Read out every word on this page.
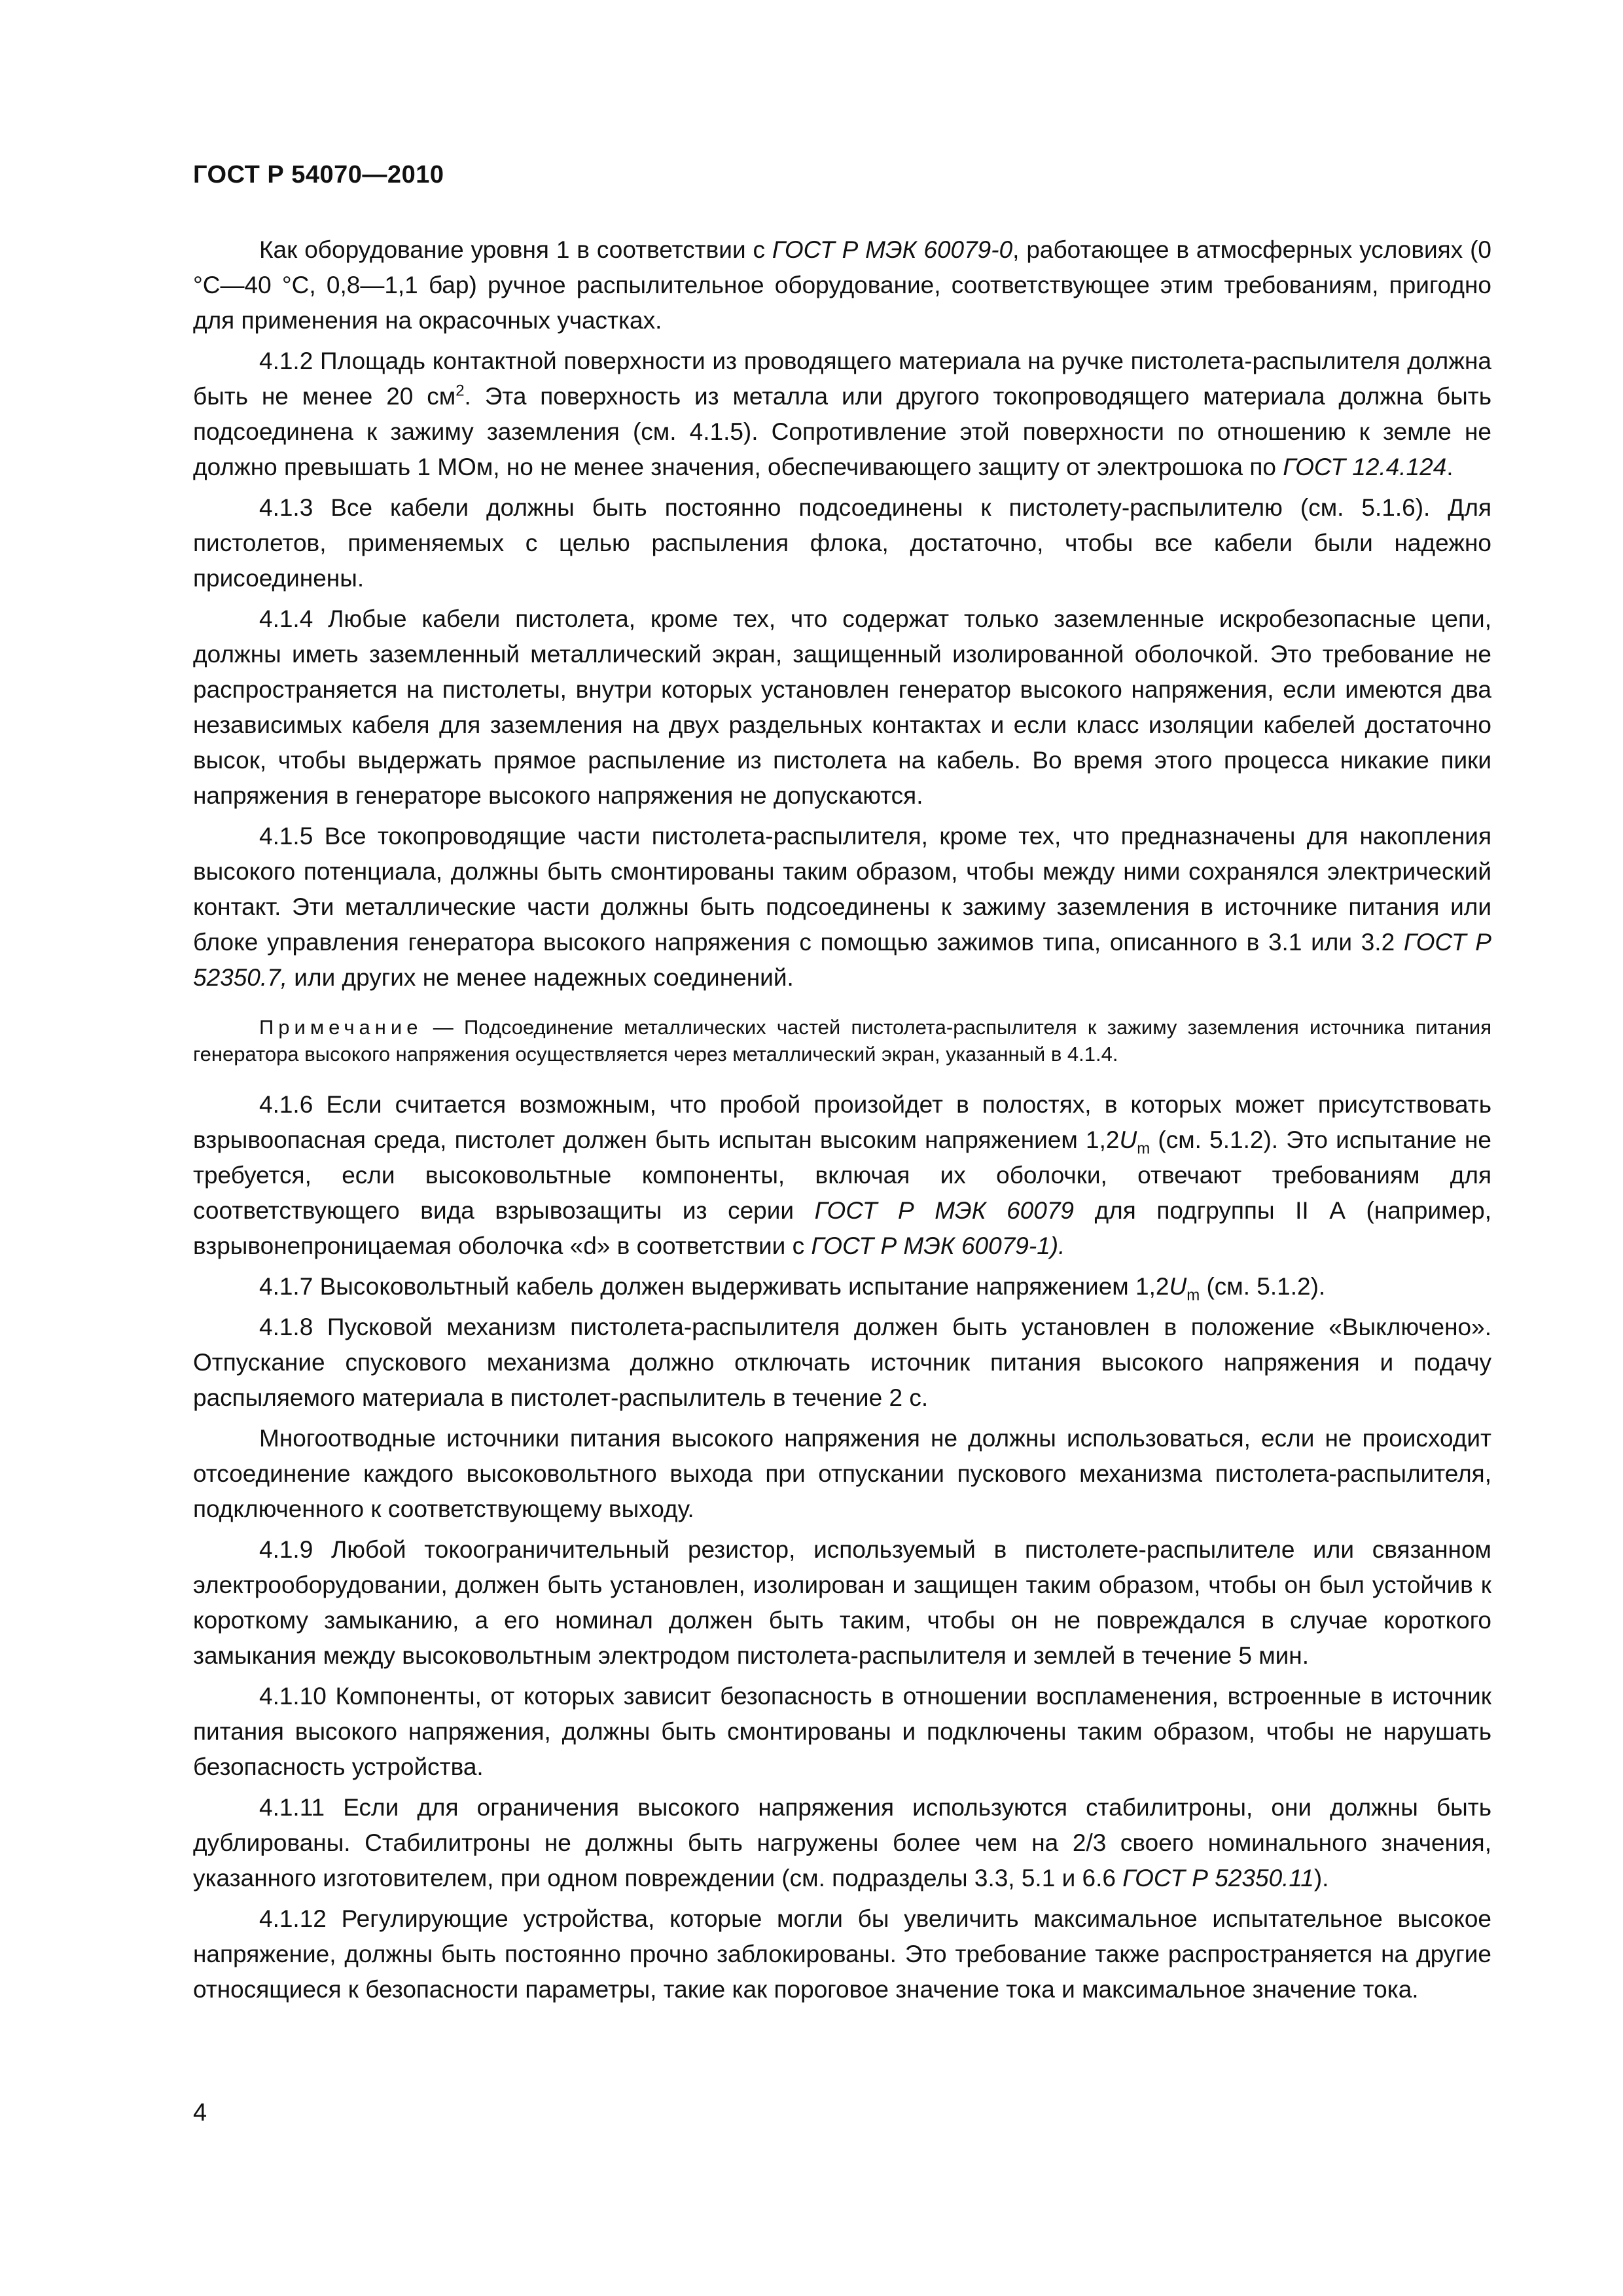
ГОСТ Р 54070—2010

Как оборудование уровня 1 в соответствии с ГОСТ Р МЭК 60079-0, работающее в атмосферных условиях (0 °С—40 °С, 0,8—1,1 бар) ручное распылительное оборудование, соответствующее этим требованиям, пригодно для применения на окрасочных участках.

4.1.2 Площадь контактной поверхности из проводящего материала на ручке пистолета-распылителя должна быть не менее 20 $см^2$. Эта поверхность из металла или другого токопроводящего материала должна быть подсоединена к зажиму заземления (см. 4.1.5). Сопротивление этой поверхности по отношению к земле не должно превышать 1 МОм, но не менее значения, обеспечивающего защиту от электрошока по ГОСТ 12.4.124.

4.1.3 Все кабели должны быть постоянно подсоединены к пистолету-распылителю (см. 5.1.6). Для пистолетов, применяемых с целью распыления флока, достаточно, чтобы все кабели были надежно присоединены.

4.1.4 Любые кабели пистолета, кроме тех, что содержат только заземленные искробезопасные цепи, должны иметь заземленный металлический экран, защищенный изолированной оболочкой. Это требование не распространяется на пистолеты, внутри которых установлен генератор высокого напряжения, если имеются два независимых кабеля для заземления на двух раздельных контактах и если класс изоляции кабелей достаточно высок, чтобы выдержать прямое распыление из пистолета на кабель. Во время этого процесса никакие пики напряжения в генераторе высокого напряжения не допускаются.

4.1.5 Все токопроводящие части пистолета-распылителя, кроме тех, что предназначены для накопления высокого потенциала, должны быть смонтированы таким образом, чтобы между ними сохранялся электрический контакт. Эти металлические части должны быть подсоединены к зажиму заземления в источнике питания или блоке управления генератора высокого напряжения с помощью зажимов типа, описанного в 3.1 или 3.2 ГОСТ Р 52350.7, или других не менее надежных соединений.

Примечание — Подсоединение металлических частей пистолета-распылителя к зажиму заземления источника питания генератора высокого напряжения осуществляется через металлический экран, указанный в 4.1.4.

4.1.6 Если считается возможным, что пробой произойдет в полостях, в которых может присутствовать взрывоопасная среда, пистолет должен быть испытан высоким напряжением $1,2U_m$ (см. 5.1.2). Это испытание не требуется, если высоковольтные компоненты, включая их оболочки, отвечают требованиям для соответствующего вида взрывозащиты из серии ГОСТ Р МЭК 60079 для подгруппы II А (например, взрывонепроницаемая оболочка «d» в соответствии с ГОСТ Р МЭК 60079-1).

4.1.7 Высоковольтный кабель должен выдерживать испытание напряжением $1,2U_m$ (см. 5.1.2).

4.1.8 Пусковой механизм пистолета-распылителя должен быть установлен в положение «Выключено». Отпускание спускового механизма должно отключать источник питания высокого напряжения и подачу распыляемого материала в пистолет-распылитель в течение 2 с.

Многоотводные источники питания высокого напряжения не должны использоваться, если не происходит отсоединение каждого высоковольтного выхода при отпускании пускового механизма пистолета-распылителя, подключенного к соответствующему выходу.

4.1.9 Любой токоограничительный резистор, используемый в пистолете-распылителе или связанном электрооборудовании, должен быть установлен, изолирован и защищен таким образом, чтобы он был устойчив к короткому замыканию, а его номинал должен быть таким, чтобы он не повреждался в случае короткого замыкания между высоковольтным электродом пистолета-распылителя и землей в течение 5 мин.

4.1.10 Компоненты, от которых зависит безопасность в отношении воспламенения, встроенные в источник питания высокого напряжения, должны быть смонтированы и подключены таким образом, чтобы не нарушать безопасность устройства.

4.1.11 Если для ограничения высокого напряжения используются стабилитроны, они должны быть дублированы. Стабилитроны не должны быть нагружены более чем на 2/3 своего номинального значения, указанного изготовителем, при одном повреждении (см. подразделы 3.3, 5.1 и 6.6 ГОСТ Р 52350.11).

4.1.12 Регулирующие устройства, которые могли бы увеличить максимальное испытательное высокое напряжение, должны быть постоянно прочно заблокированы. Это требование также распространяется на другие относящиеся к безопасности параметры, такие как пороговое значение тока и максимальное значение тока.

4
